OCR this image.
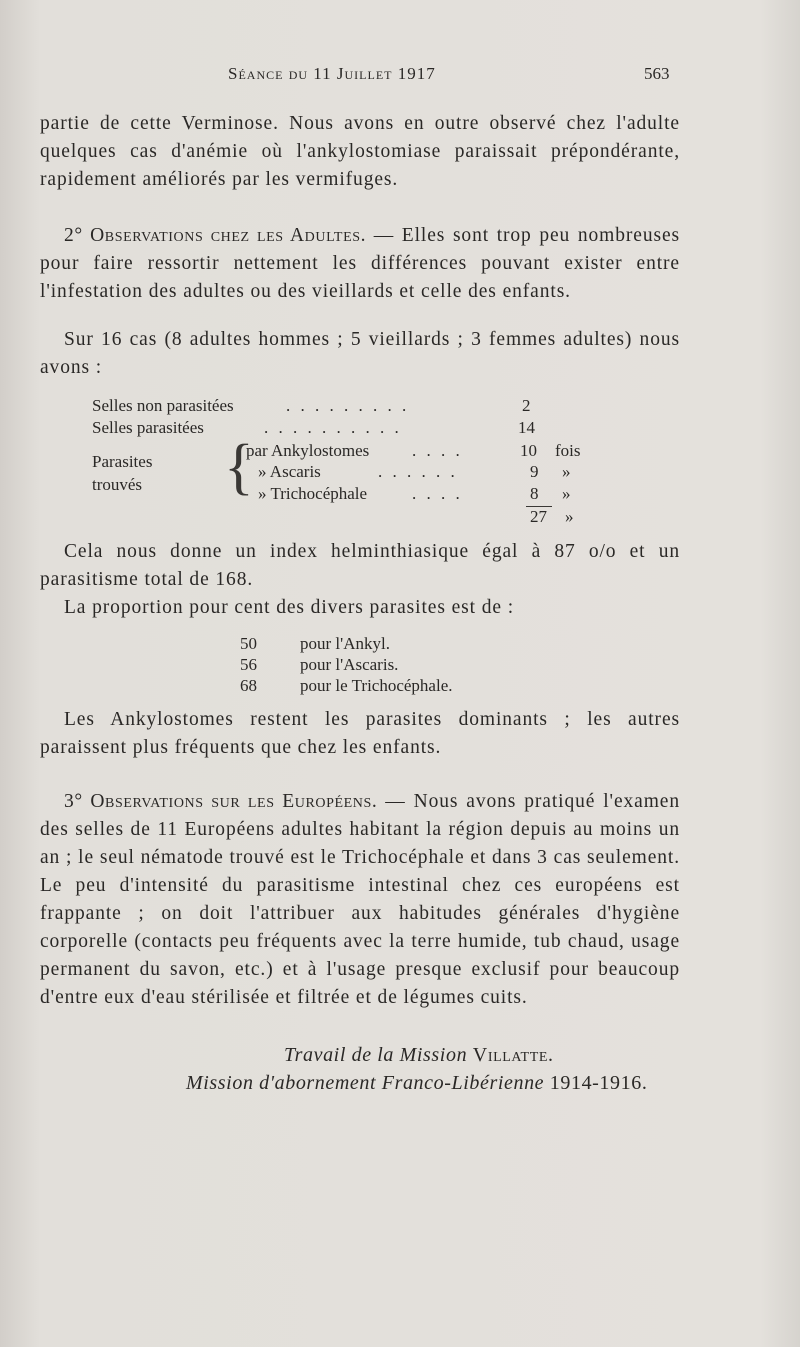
Séance du 11 Juillet 1917	563

partie de cette Verminose. Nous avons en outre observé chez l'adulte quelques cas d'anémie où l'ankylostomiase paraissait prépondérante, rapidement améliorés par les vermifuges.

2° Observations chez les Adultes. — Elles sont trop peu nombreuses pour faire ressortir nettement les différences pouvant exister entre l'infestation des adultes ou des vieillards et celle des enfants.

Sur 16 cas (8 adultes hommes ; 5 vieillards ; 3 femmes adultes) nous avons :

Selles non parasitées	. . . . . . . . .	2
Selles parasitées	. . . . . . . . . .	14
Parasites
trouvés {
par Ankylostomes	. . . .	10 fois
» Ascaris	. . . . . .	9 »
» Trichocéphale	. . . .	8 »
27 »

Cela nous donne un index helminthiasique égal à 87 o/o et un parasitisme total de 168.

La proportion pour cent des divers parasites est de :

50	pour l'Ankyl.
56	pour l'Ascaris.
68	pour le Trichocéphale.

Les Ankylostomes restent les parasites dominants ; les autres paraissent plus fréquents que chez les enfants.

3° Observations sur les Européens. — Nous avons pratiqué l'examen des selles de 11 Européens adultes habitant la région depuis au moins un an ; le seul nématode trouvé est le Trichocéphale et dans 3 cas seulement. Le peu d'intensité du parasitisme intestinal chez ces européens est frappante ; on doit l'attribuer aux habitudes générales d'hygiène corporelle (contacts peu fréquents avec la terre humide, tub chaud, usage permanent du savon, etc.) et à l'usage presque exclusif pour beaucoup d'entre eux d'eau stérilisée et filtrée et de légumes cuits.

Travail de la Mission Villatte.
Mission d'abornement Franco-Libérienne 1914-1916.
